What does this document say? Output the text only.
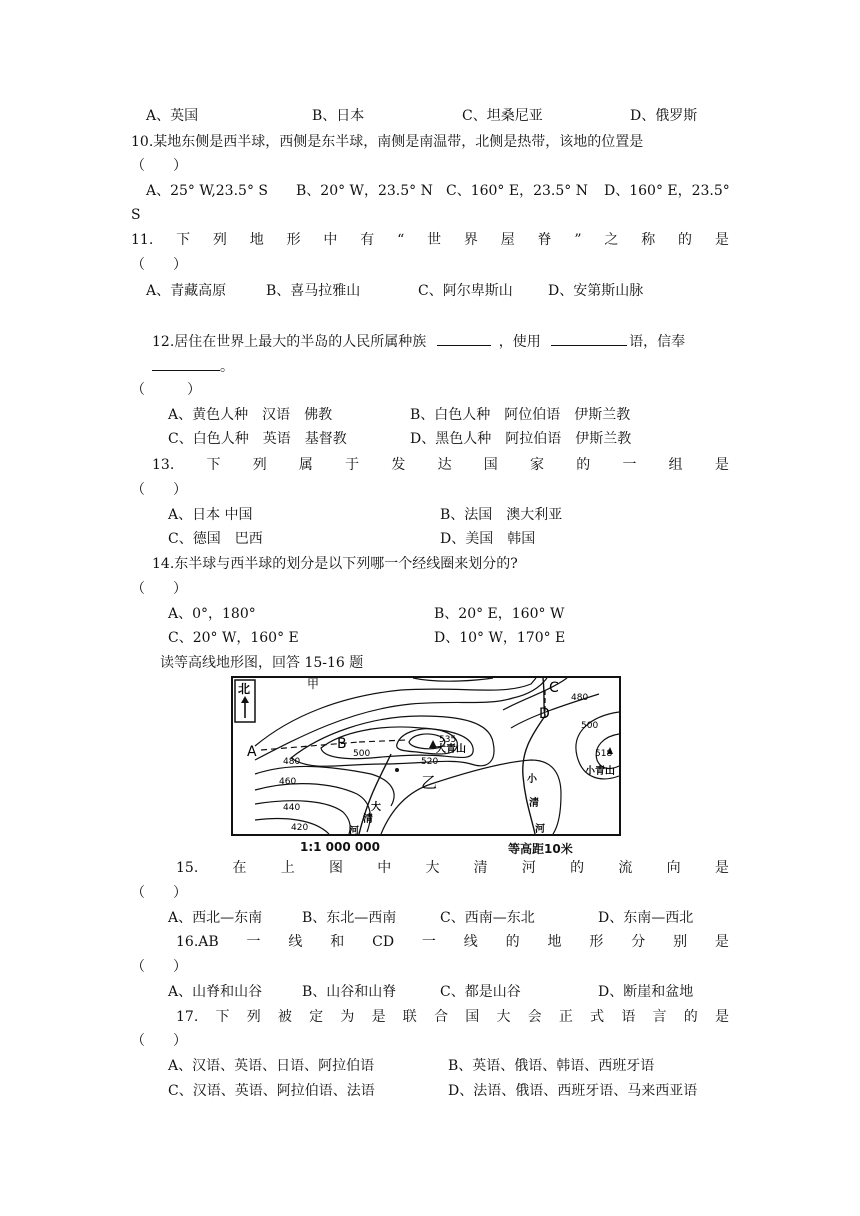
A、英国	B、日本	C、坦桑尼亚	D、俄罗斯
10.某地东侧是西半球，西侧是东半球，南侧是南温带，北侧是热带，该地的位置是
（　　）
A、25° W,23.5° S B、20° W，23.5° N C、160° E，23.5° N D、160° E，23.5°
S
11. 下 列 地 形 中 有 “ 世 界 屋 脊 ” 之 称 的 是
（　　）
A、青藏高原	B、喜马拉雅山	C、阿尔卑斯山	D、安第斯山脉
12.居住在世界上最大的半岛的人民所属种族	，使用	语，信奉
。
（　　　）
A、黄色人种　 汉语　 佛教	B、白色人种　 阿位伯语　 伊斯兰教
C、白色人种　 英语　 基督教	D、黑色人种　 阿拉伯语　 伊斯兰教
13. 下 列 属 于 发 达 国 家 的 一 组 是
（　　）
A、日本 中国	B、法国　澳大利亚
C、德国　巴西	D、美国　韩国
14.东半球与西半球的划分是以下列哪一个经线圈来划分的?
（　　）
A、0°，180°	B、20° E，160° W
C、20° W，160° E	D、10° W，170° E
读等高线地形图，回答 15-16 题
北	甲
A	B
C
D
乙
535
大青山	518
小青山
500
520
480
460
440
420
480
500
大
清
河
小
清
河
1:1 000 000	等高距10米
15. 在 上 图 中 大 清 河 的 流 向 是
（　　）
A、西北—东南	B、东北—西南	C、西南—东北	D、东南—西北
16.AB 一 线 和 CD 一 线 的 地 形 分 别 是
（　　）
A、山脊和山谷	B、山谷和山脊	C、都是山谷	D、断崖和盆地
17. 下 列 被 定 为 是 联 合 国 大 会 正 式 语 言 的 是
（　　）
A、汉语、英语、日语、阿拉伯语	B、英语、俄语、韩语、西班牙语
C、汉语、英语、阿拉伯语、法语	D、法语、俄语、西班牙语、马来西亚语
